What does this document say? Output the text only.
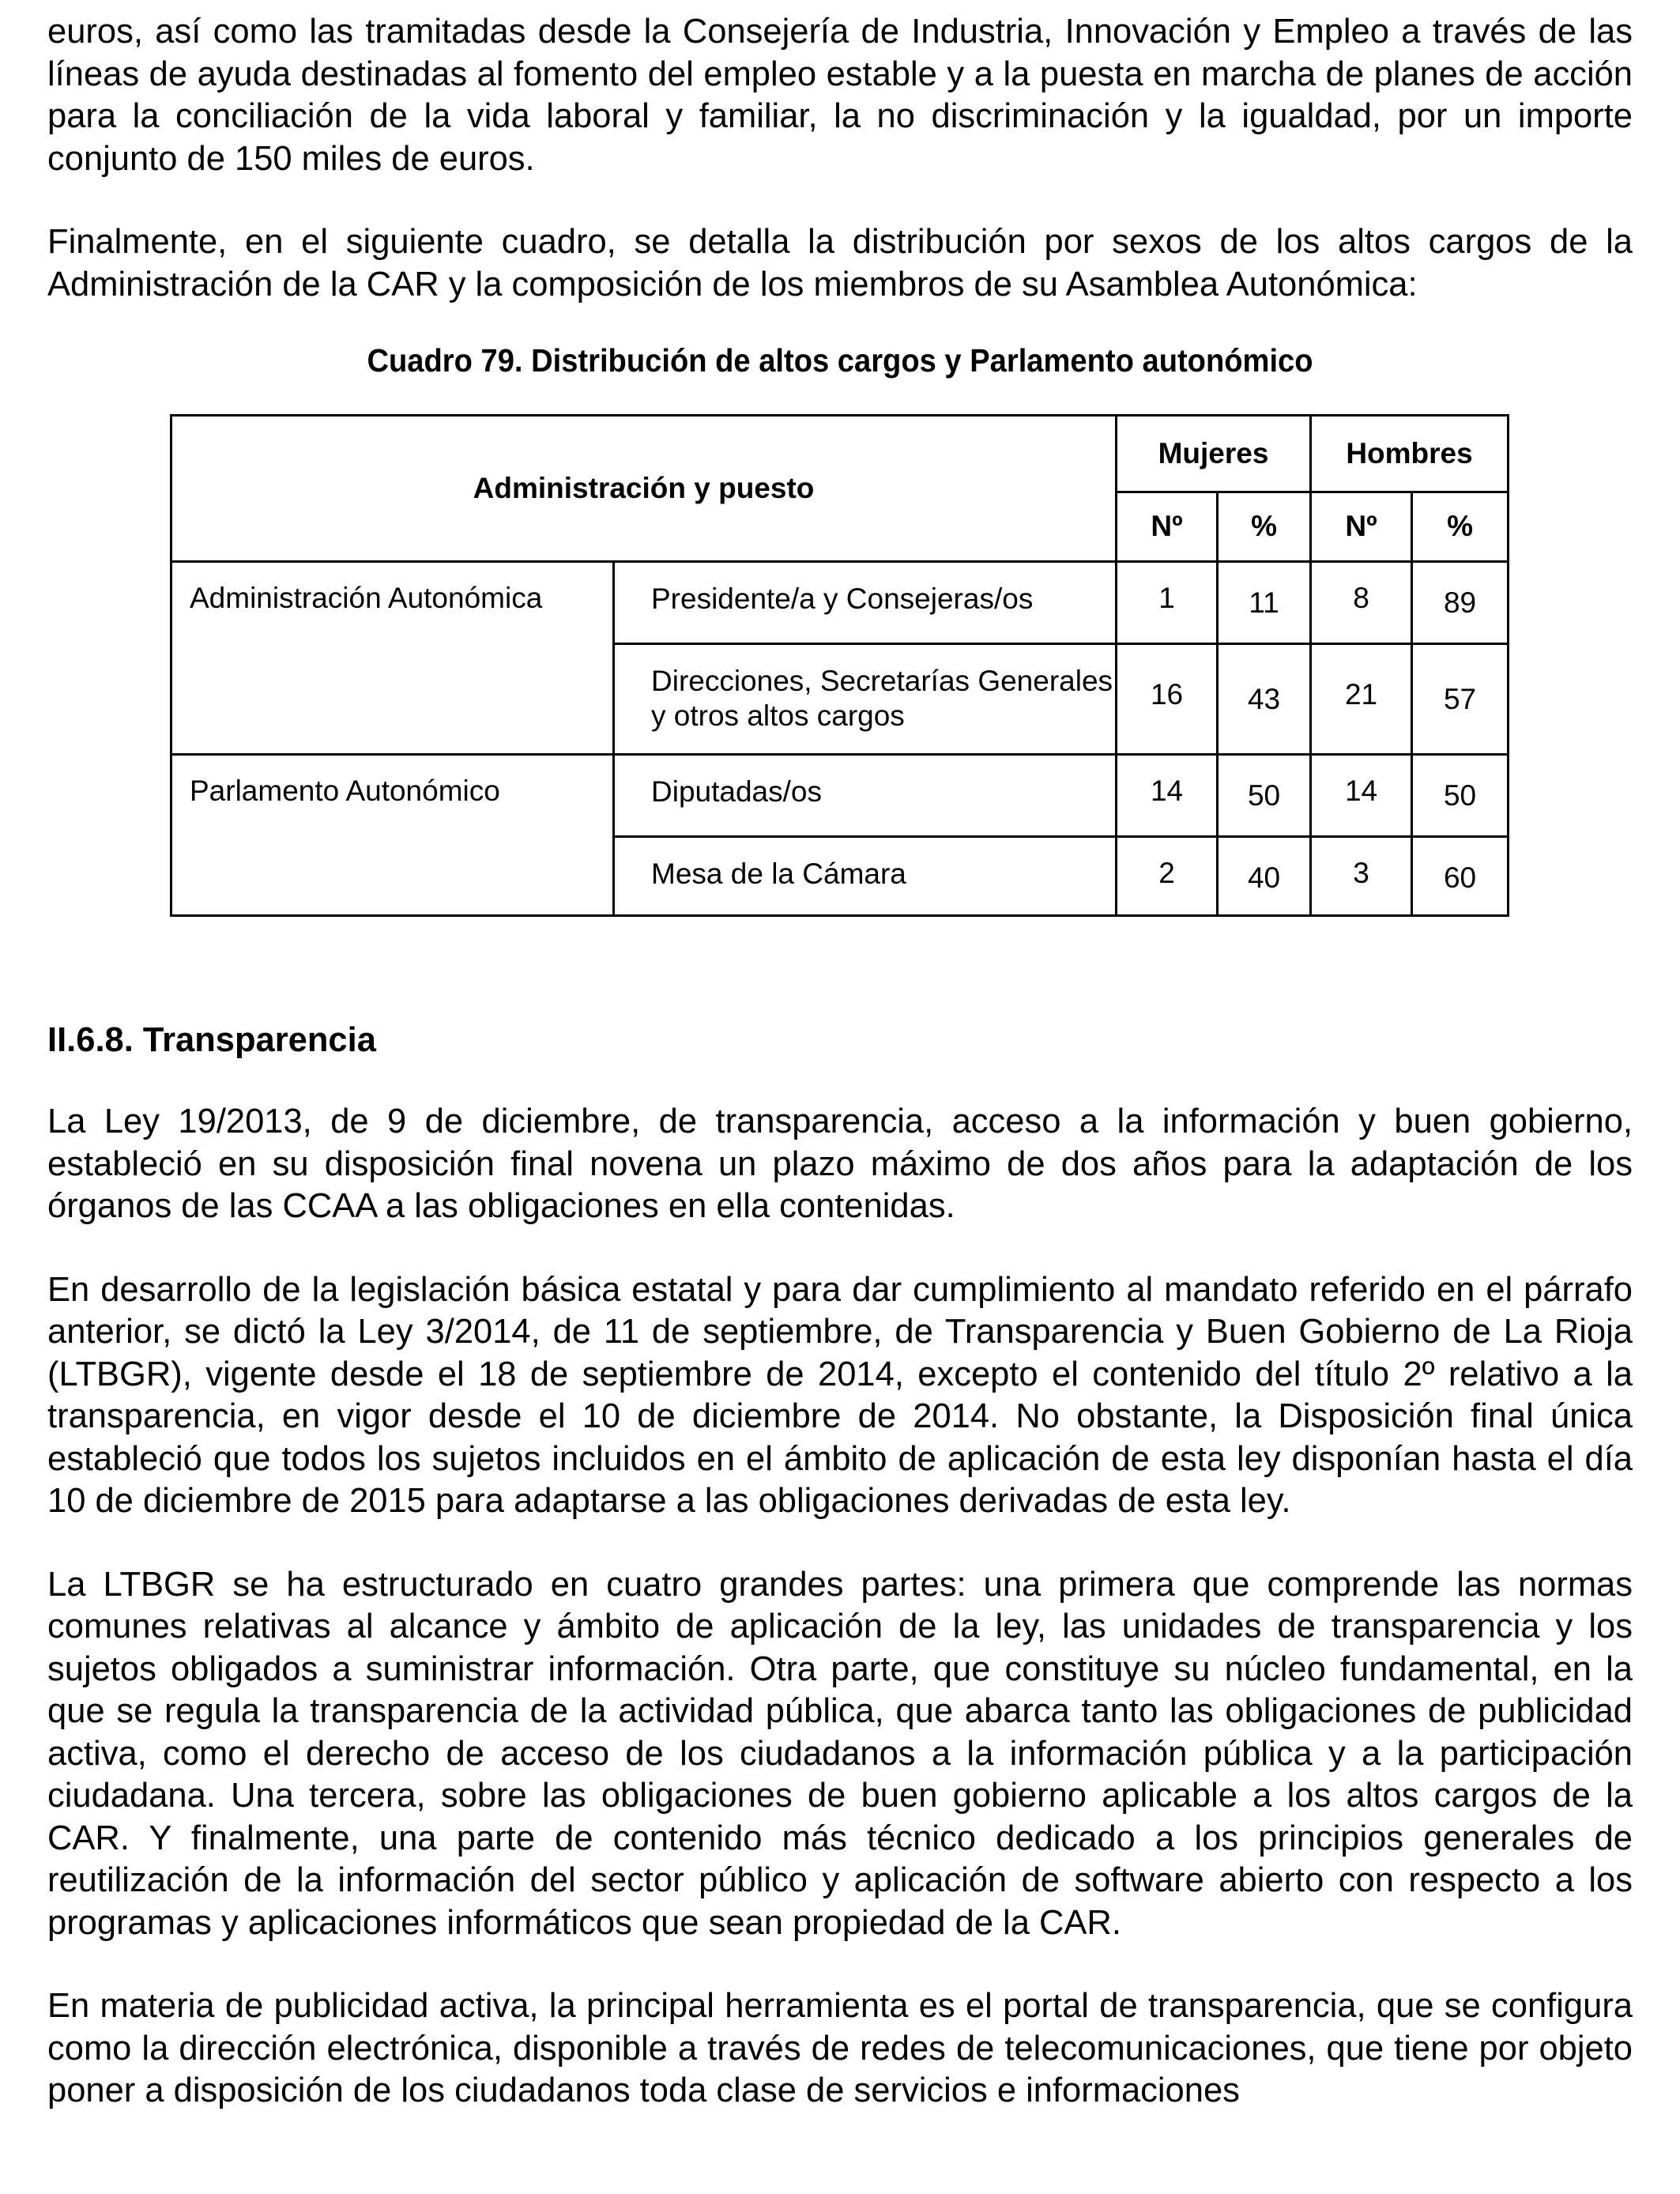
euros, así como las tramitadas desde la Consejería de Industria, Innovación y Empleo a través de las líneas de ayuda destinadas al fomento del empleo estable y a la puesta en marcha de planes de acción para la conciliación de la vida laboral y familiar, la no discriminación y la igualdad, por un importe conjunto de 150 miles de euros.

Finalmente, en el siguiente cuadro, se detalla la distribución por sexos de los altos cargos de la Administración de la CAR y la composición de los miembros de su Asamblea Autonómica:

Cuadro 79. Distribución de altos cargos y Parlamento autonómico
Administración y puesto		Mujeres		Hombres	
		Nº	%	Nº	%
Administración Autonómica	Presidente/a y Consejeras/os	1	11	8	89
	Direcciones, Secretarías Generales y otros altos cargos	16	43	21	57
Parlamento Autonómico	Diputadas/os	14	50	14	50
	Mesa de la Cámara	2	40	3	60
II.6.8. Transparencia

La Ley 19/2013, de 9 de diciembre, de transparencia, acceso a la información y buen gobierno, estableció en su disposición final novena un plazo máximo de dos años para la adaptación de los órganos de las CCAA a las obligaciones en ella contenidas.

En desarrollo de la legislación básica estatal y para dar cumplimiento al mandato referido en el párrafo anterior, se dictó la Ley 3/2014, de 11 de septiembre, de Transparencia y Buen Gobierno de La Rioja (LTBGR), vigente desde el 18 de septiembre de 2014, excepto el contenido del título 2º relativo a la transparencia, en vigor desde el 10 de diciembre de 2014. No obstante, la Disposición final única estableció que todos los sujetos incluidos en el ámbito de aplicación de esta ley disponían hasta el día 10 de diciembre de 2015 para adaptarse a las obligaciones derivadas de esta ley.

La LTBGR se ha estructurado en cuatro grandes partes: una primera que comprende las normas comunes relativas al alcance y ámbito de aplicación de la ley, las unidades de transparencia y los sujetos obligados a suministrar información. Otra parte, que constituye su núcleo fundamental, en la que se regula la transparencia de la actividad pública, que abarca tanto las obligaciones de publicidad activa, como el derecho de acceso de los ciudadanos a la información pública y a la participación ciudadana. Una tercera, sobre las obligaciones de buen gobierno aplicable a los altos cargos de la CAR. Y finalmente, una parte de contenido más técnico dedicado a los principios generales de reutilización de la información del sector público y aplicación de software abierto con respecto a los programas y aplicaciones informáticos que sean propiedad de la CAR.

En materia de publicidad activa, la principal herramienta es el portal de transparencia, que se configura como la dirección electrónica, disponible a través de redes de telecomunicaciones, que tiene por objeto poner a disposición de los ciudadanos toda clase de servicios e informaciones
